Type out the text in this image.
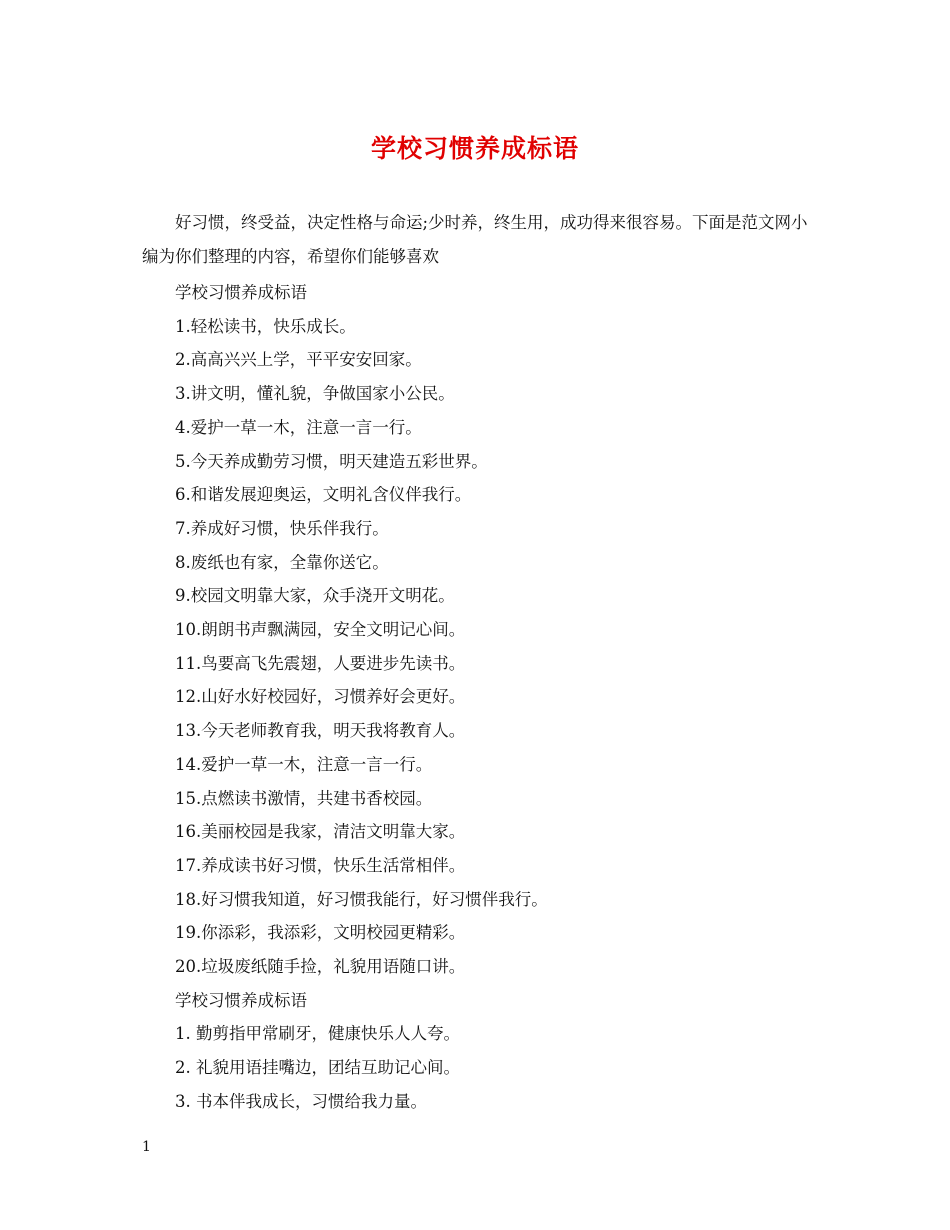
学校习惯养成标语

好习惯，终受益，决定性格与命运;少时养，终生用，成功得来很容易。下面是范文网小编为你们整理的内容，希望你们能够喜欢

学校习惯养成标语
1.轻松读书，快乐成长。
2.高高兴兴上学，平平安安回家。
3.讲文明，懂礼貌，争做国家小公民。
4.爱护一草一木，注意一言一行。
5.今天养成勤劳习惯，明天建造五彩世界。
6.和谐发展迎奥运，文明礼含仪伴我行。
7.养成好习惯，快乐伴我行。
8.废纸也有家，全靠你送它。
9.校园文明靠大家，众手浇开文明花。
10.朗朗书声飘满园，安全文明记心间。
11.鸟要高飞先震翅，人要进步先读书。
12.山好水好校园好，习惯养好会更好。
13.今天老师教育我，明天我将教育人。
14.爱护一草一木，注意一言一行。
15.点燃读书激情，共建书香校园。
16.美丽校园是我家，清洁文明靠大家。
17.养成读书好习惯，快乐生活常相伴。
18.好习惯我知道，好习惯我能行，好习惯伴我行。
19.你添彩，我添彩，文明校园更精彩。
20.垃圾废纸随手捡，礼貌用语随口讲。
学校习惯养成标语
1. 勤剪指甲常刷牙，健康快乐人人夸。
2. 礼貌用语挂嘴边，团结互助记心间。
3. 书本伴我成长，习惯给我力量。
1
